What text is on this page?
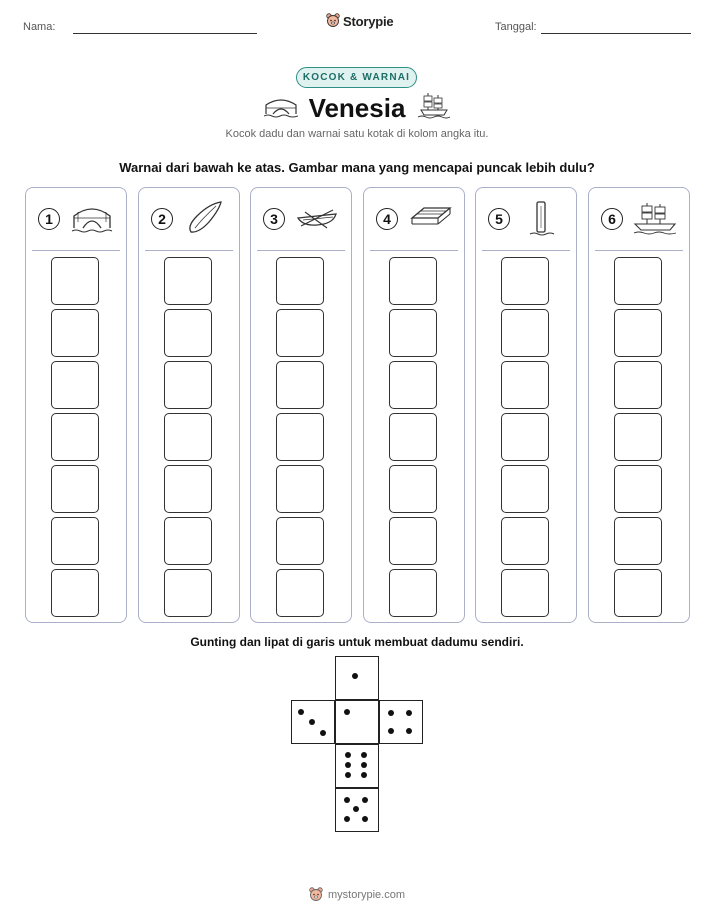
Nama:	Storypie	Tanggal:
KOCOK & WARNAI
Venesia
Kocok dadu dan warnai satu kotak di kolom angka itu.
Warnai dari bawah ke atas. Gambar mana yang mencapai puncak lebih dulu?
1	2	3	4	5	6
Gunting dan lipat di garis untuk membuat dadumu sendiri.
mystorypie.com
